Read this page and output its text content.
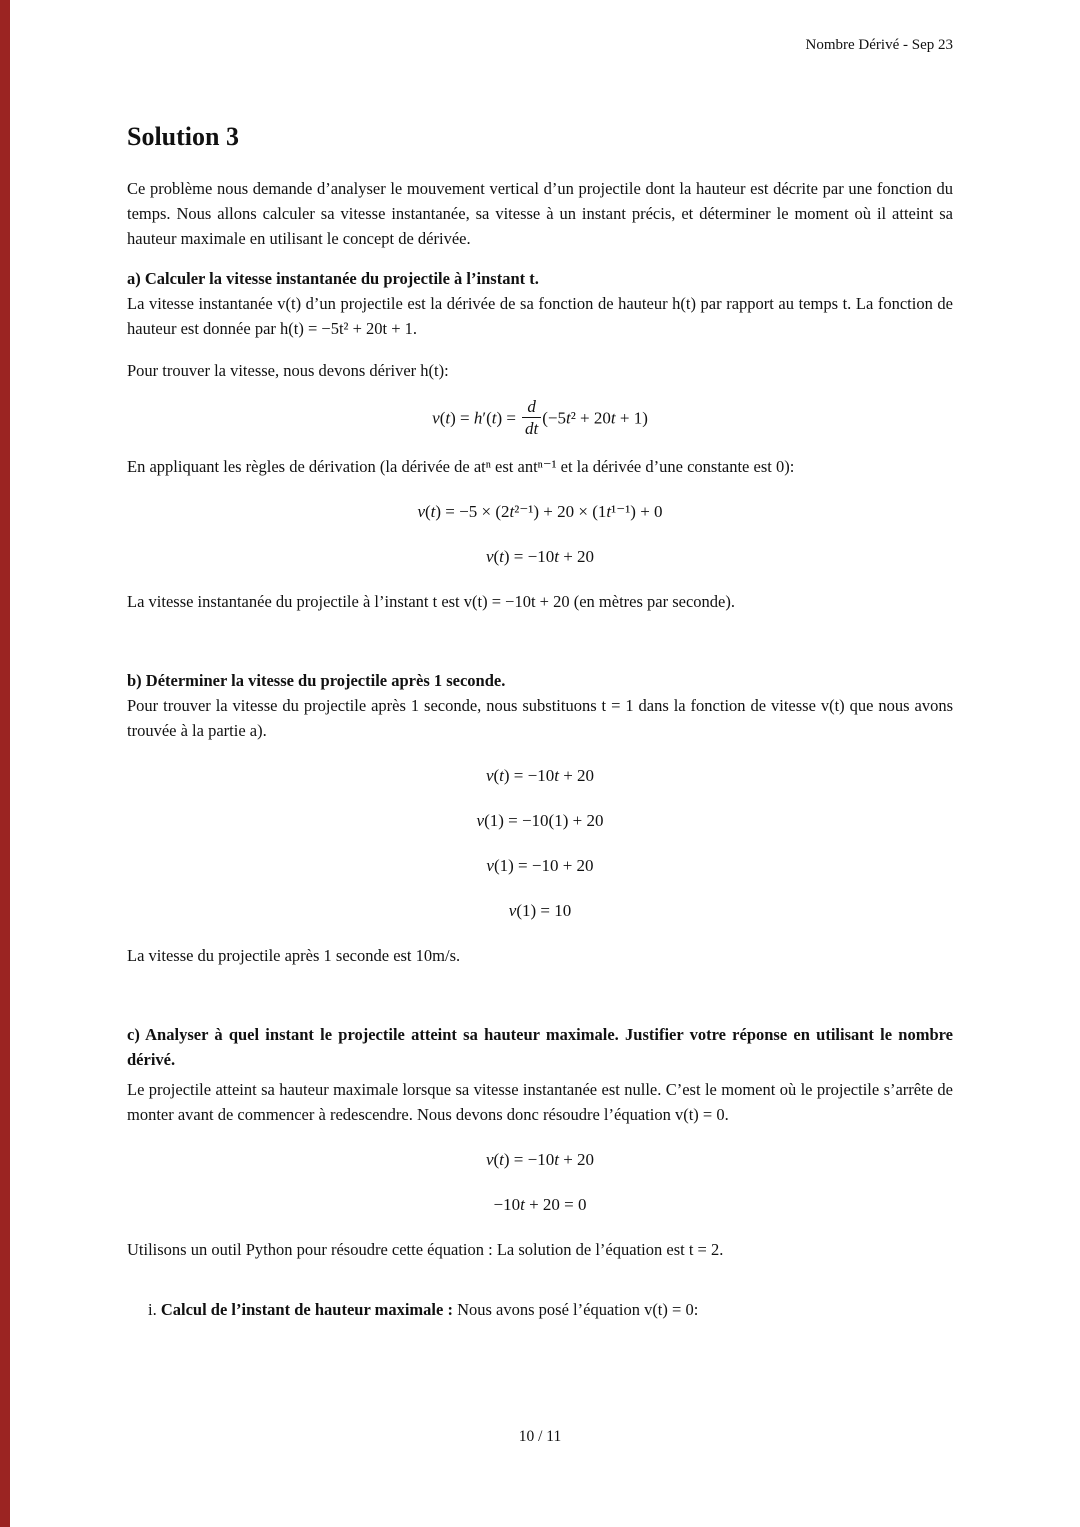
Nombre Dérivé - Sep 23
Solution 3

Ce problème nous demande d’analyser le mouvement vertical d’un projectile dont la hauteur est décrite par une fonction du temps. Nous allons calculer sa vitesse instantanée, sa vitesse à un instant précis, et déterminer le moment où il atteint sa hauteur maximale en utilisant le concept de dérivée.

a) Calculer la vitesse instantanée du projectile à l’instant t.

La vitesse instantanée v(t) d’un projectile est la dérivée de sa fonction de hauteur h(t) par rapport au temps t. La fonction de hauteur est donnée par h(t) = −5t² + 20t + 1.

Pour trouver la vitesse, nous devons dériver h(t):

$v(t) = h'(t) = \frac{d}{dt} (-5t^2 + 20t + 1)$

En appliquant les règles de dérivation (la dérivée de atⁿ est antⁿ⁻¹ et la dérivée d’une constante est 0):

v(t) = −5 × (2t²⁻¹) + 20 × (1t¹⁻¹) + 0
v(t) = −10t + 20

La vitesse instantanée du projectile à l’instant t est v(t) = −10t + 20 (en mètres par seconde).

b) Déterminer la vitesse du projectile après 1 seconde.

Pour trouver la vitesse du projectile après 1 seconde, nous substituons t = 1 dans la fonction de vitesse v(t) que nous avons trouvée à la partie a).

v(t) = −10t + 20
v(1) = −10(1) + 20
v(1) = −10 + 20
v(1) = 10

La vitesse du projectile après 1 seconde est 10m/s.

c) Analyser à quel instant le projectile atteint sa hauteur maximale. Justifier votre réponse en utilisant le nombre dérivé.

Le projectile atteint sa hauteur maximale lorsque sa vitesse instantanée est nulle. C’est le moment où le projectile s’arrête de monter avant de commencer à redescendre. Nous devons donc résoudre l’équation v(t) = 0.

v(t) = −10t + 20
−10t + 20 = 0

Utilisons un outil Python pour résoudre cette équation : La solution de l’équation est t = 2.

i. Calcul de l’instant de hauteur maximale : Nous avons posé l’équation v(t) = 0:

10 / 11
